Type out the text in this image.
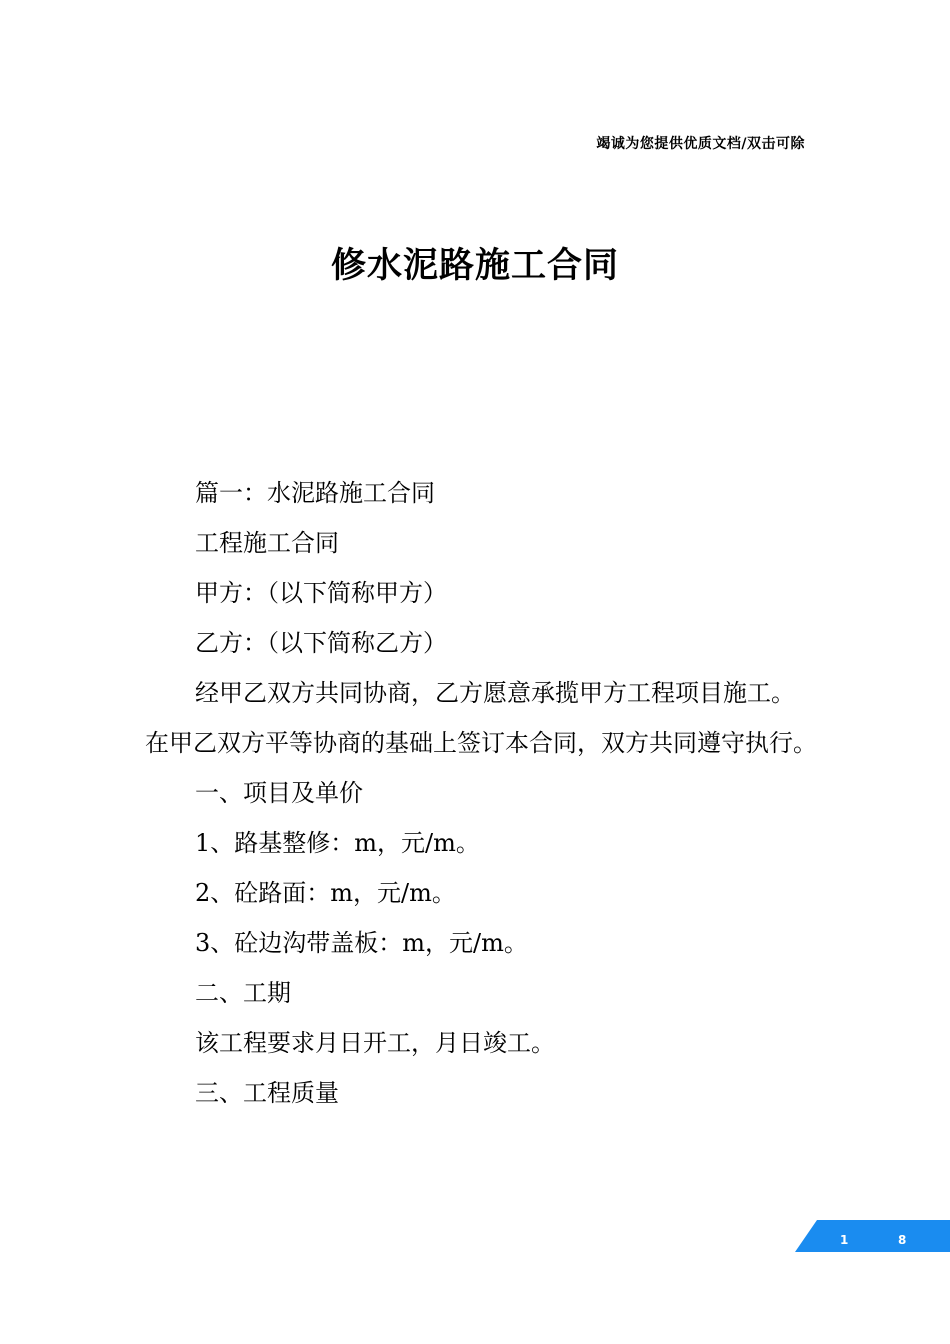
竭诚为您提供优质文档/双击可除
修水泥路施工合同

篇一：水泥路施工合同

工程施工合同

甲方：（以下简称甲方）

乙方：（以下简称乙方）

经甲乙双方共同协商，乙方愿意承揽甲方工程项目施工。在甲乙双方平等协商的基础上签订本合同，双方共同遵守执行。

一、项目及单价

1、路基整修：m，元/m。

2、砼路面：m，元/m。

3、砼边沟带盖板：m，元/m。

二、工期

该工程要求月日开工，月日竣工。

三、工程质量

1	8
